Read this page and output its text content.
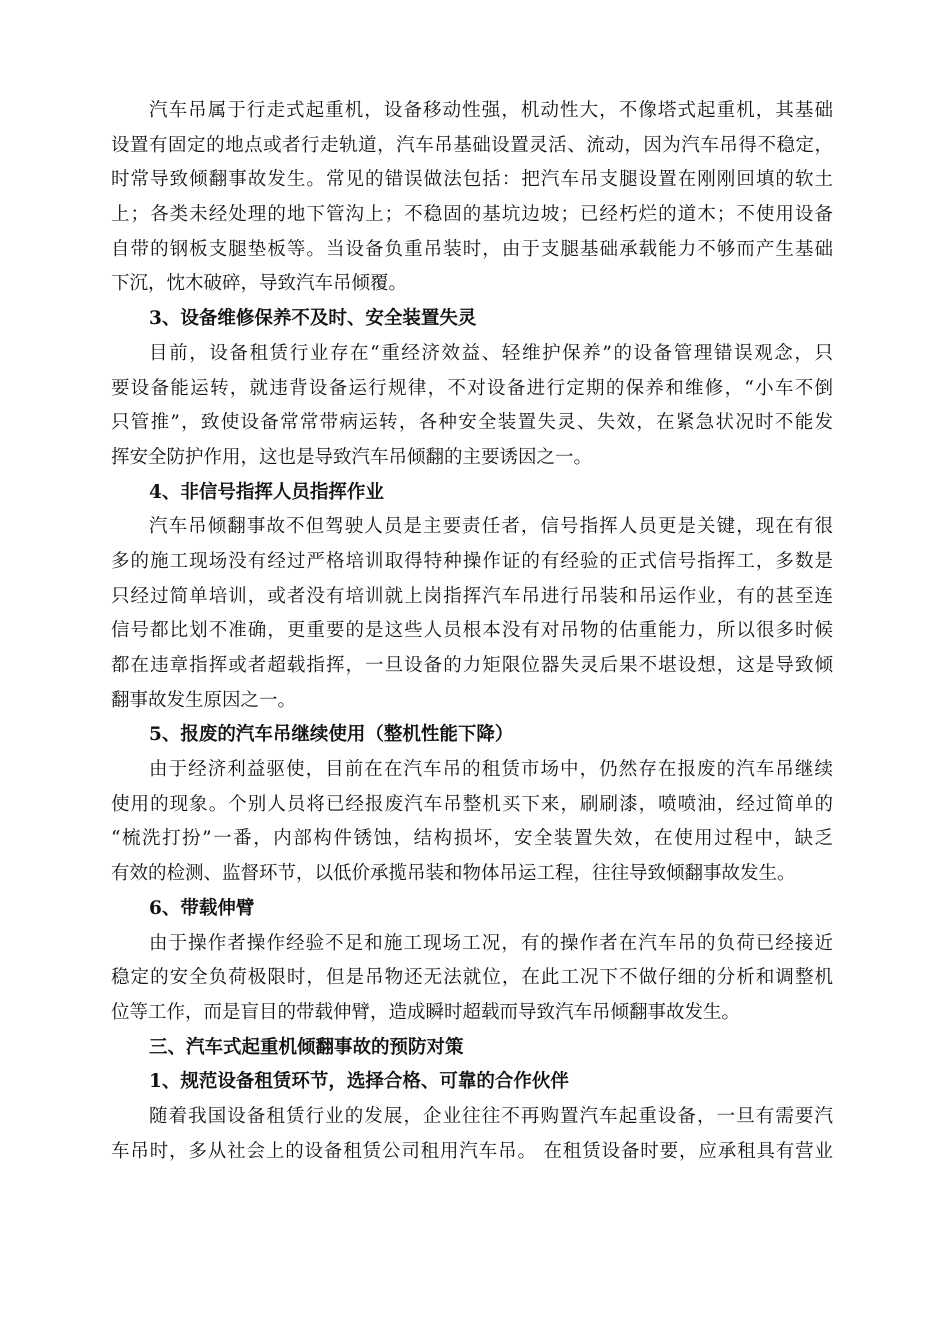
汽车吊属于行走式起重机，设备移动性强，机动性大，不像塔式起重机，其基础
设置有固定的地点或者行走轨道，汽车吊基础设置灵活、流动，因为汽车吊得不稳定，
时常导致倾翻事故发生。常见的错误做法包括：把汽车吊支腿设置在刚刚回填的软土
上；各类未经处理的地下管沟上；不稳固的基坑边坡；已经朽烂的道木；不使用设备
自带的钢板支腿垫板等。当设备负重吊装时，由于支腿基础承载能力不够而产生基础
下沉，忱木破碎，导致汽车吊倾覆。
3、设备维修保养不及时、安全装置失灵
目前，设备租赁行业存在“重经济效益、轻维护保养”的设备管理错误观念，只
要设备能运转，就违背设备运行规律，不对设备进行定期的保养和维修，“小车不倒
只管推”，致使设备常常带病运转，各种安全装置失灵、失效，在紧急状况时不能发
挥安全防护作用，这也是导致汽车吊倾翻的主要诱因之一。
4、非信号指挥人员指挥作业
汽车吊倾翻事故不但驾驶人员是主要责任者，信号指挥人员更是关键，现在有很
多的施工现场没有经过严格培训取得特种操作证的有经验的正式信号指挥工，多数是
只经过简单培训，或者没有培训就上岗指挥汽车吊进行吊装和吊运作业，有的甚至连
信号都比划不准确，更重要的是这些人员根本没有对吊物的估重能力，所以很多时候
都在违章指挥或者超载指挥，一旦设备的力矩限位器失灵后果不堪设想，这是导致倾
翻事故发生原因之一。
5、报废的汽车吊继续使用（整机性能下降）
由于经济利益驱使，目前在在汽车吊的租赁市场中，仍然存在报废的汽车吊继续
使用的现象。个别人员将已经报废汽车吊整机买下来，刷刷漆，喷喷油，经过简单的
“梳洗打扮”一番，内部构件锈蚀，结构损坏，安全装置失效，在使用过程中，缺乏
有效的检测、监督环节，以低价承揽吊装和物体吊运工程，往往导致倾翻事故发生。
6、带载伸臂
由于操作者操作经验不足和施工现场工况，有的操作者在汽车吊的负荷已经接近
稳定的安全负荷极限时，但是吊物还无法就位，在此工况下不做仔细的分析和调整机
位等工作，而是盲目的带载伸臂，造成瞬时超载而导致汽车吊倾翻事故发生。
三、汽车式起重机倾翻事故的预防对策
1、规范设备租赁环节，选择合格、可靠的合作伙伴
随着我国设备租赁行业的发展，企业往往不再购置汽车起重设备，一旦有需要汽
车吊时，多从社会上的设备租赁公司租用汽车吊。 在租赁设备时要，应承租具有营业
